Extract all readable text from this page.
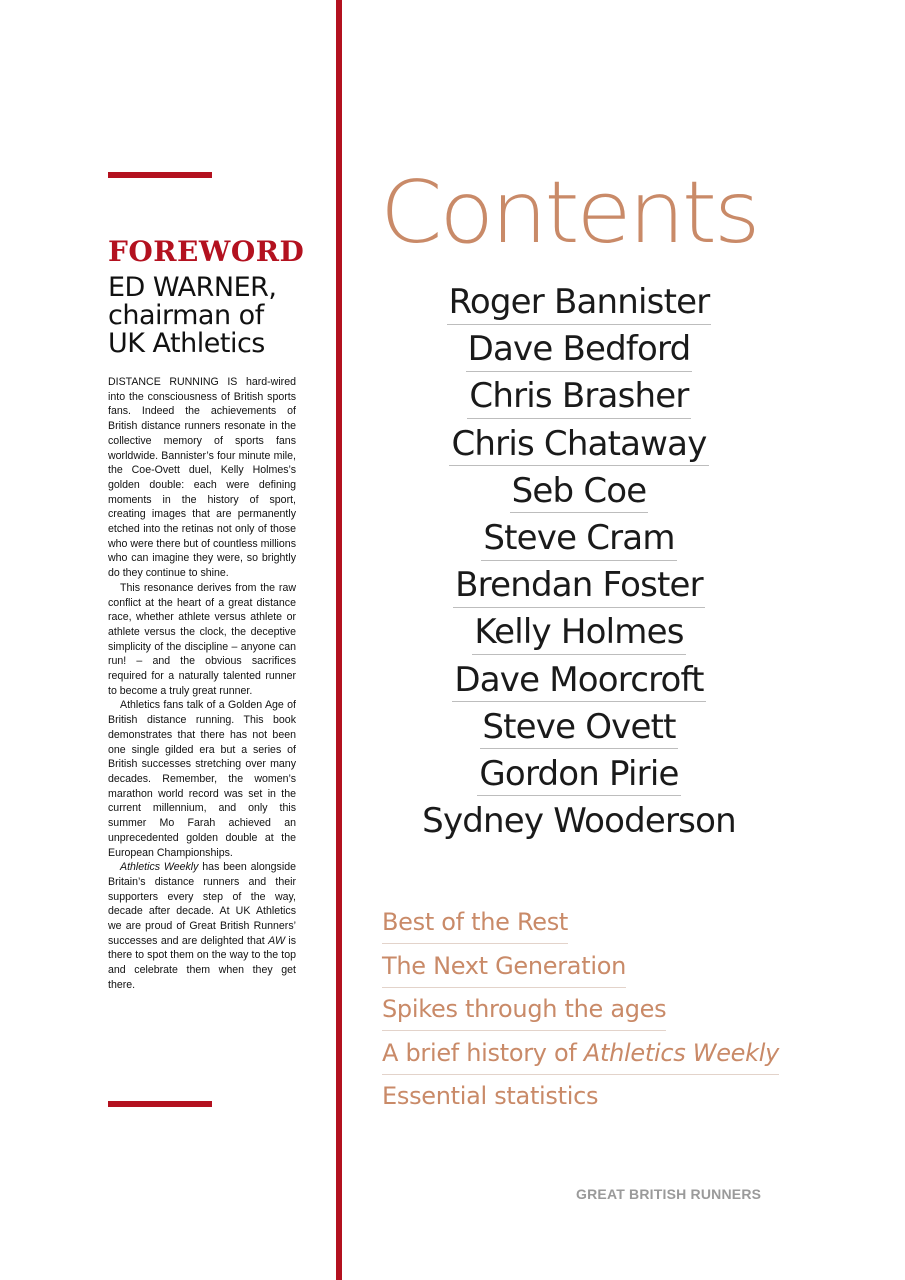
FOREWORD
ED WARNER,
chairman of
UK Athletics

DISTANCE RUNNING IS hard-wired into the consciousness of British sports fans. Indeed the achievements of British distance runners resonate in the collective memory of sports fans worldwide. Bannister’s four minute mile, the Coe-Ovett duel, Kelly Holmes’s golden double: each were defining moments in the history of sport, creating images that are permanently etched into the retinas not only of those who were there but of countless millions who can imagine they were, so brightly do they continue to shine.

This resonance derives from the raw conflict at the heart of a great distance race, whether athlete versus athlete or athlete versus the clock, the deceptive simplicity of the discipline – anyone can run! – and the obvious sacrifices required for a naturally talented runner to become a truly great runner.

Athletics fans talk of a Golden Age of British distance running. This book demonstrates that there has not been one single gilded era but a series of British successes stretching over many decades. Remember, the women’s marathon world record was set in the current millennium, and only this summer Mo Farah achieved an unprecedented golden double at the European Championships.

Athletics Weekly has been alongside Britain’s distance runners and their supporters every step of the way, decade after decade. At UK Athletics we are proud of Great British Runners’ successes and are delighted that AW is there to spot them on the way to the top and celebrate them when they get there.

Contents
Roger Bannister
Dave Bedford
Chris Brasher
Chris Chataway
Seb Coe
Steve Cram
Brendan Foster
Kelly Holmes
Dave Moorcroft
Steve Ovett
Gordon Pirie
Sydney Wooderson
Best of the Rest
The Next Generation
Spikes through the ages
A brief history of Athletics Weekly
Essential statistics
GREAT BRITISH RUNNERS
